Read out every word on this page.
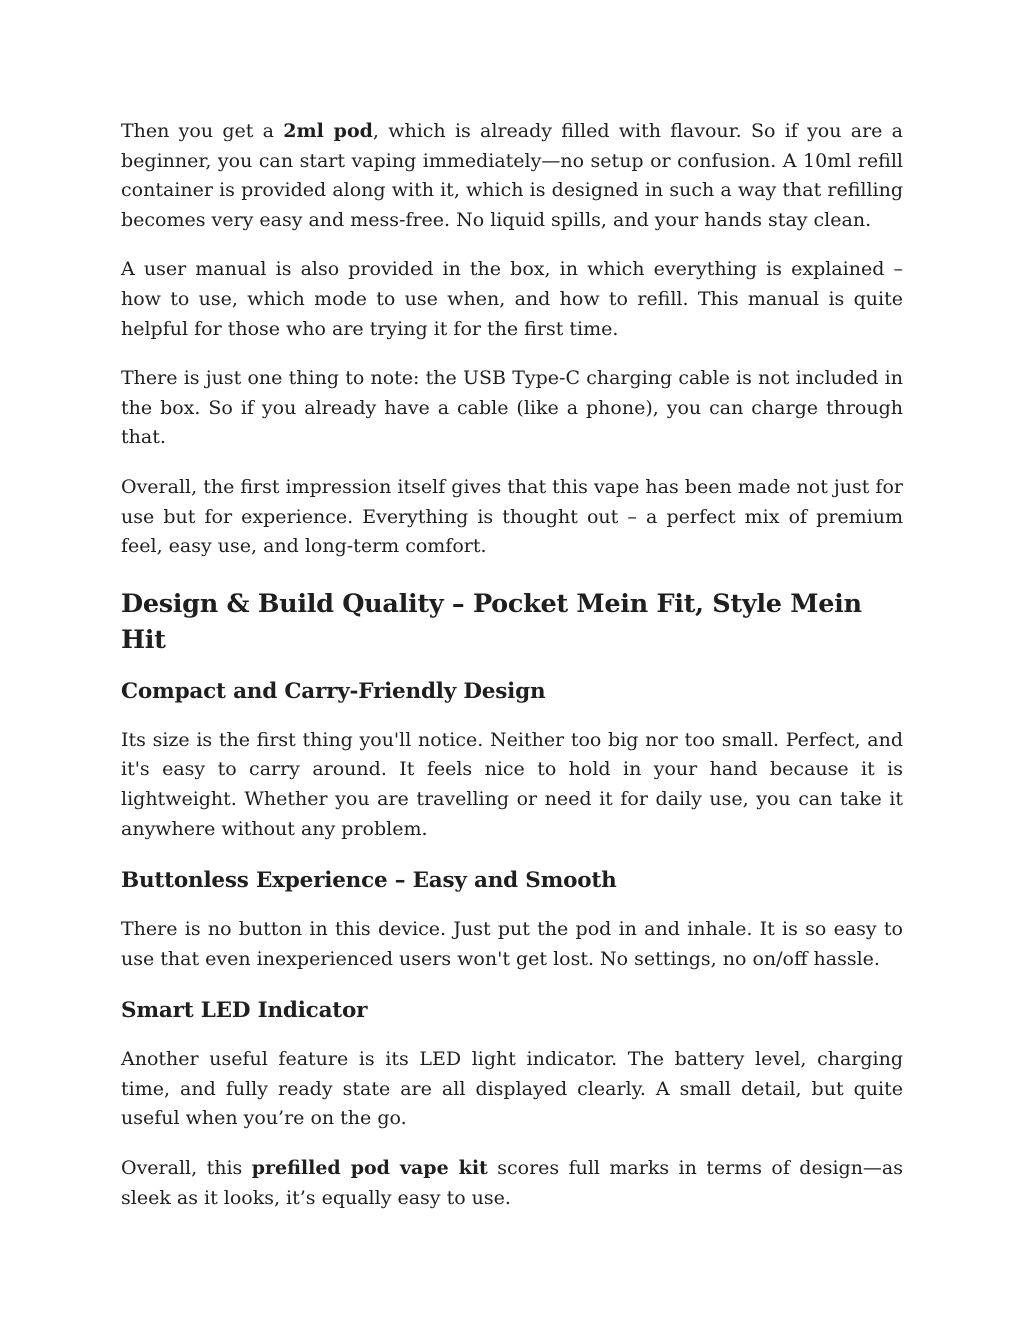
Then you get a 2ml pod, which is already filled with flavour. So if you are a beginner, you can start vaping immediately—no setup or confusion. A 10ml refill container is provided along with it, which is designed in such a way that refilling becomes very easy and mess-free. No liquid spills, and your hands stay clean.

A user manual is also provided in the box, in which everything is explained – how to use, which mode to use when, and how to refill. This manual is quite helpful for those who are trying it for the first time.

There is just one thing to note: the USB Type-C charging cable is not included in the box. So if you already have a cable (like a phone), you can charge through that.

Overall, the first impression itself gives that this vape has been made not just for use but for experience. Everything is thought out – a perfect mix of premium feel, easy use, and long-term comfort.

Design & Build Quality – Pocket Mein Fit, Style Mein Hit
Compact and Carry-Friendly Design

Its size is the first thing you'll notice. Neither too big nor too small. Perfect, and it's easy to carry around. It feels nice to hold in your hand because it is lightweight. Whether you are travelling or need it for daily use, you can take it anywhere without any problem.

Buttonless Experience – Easy and Smooth

There is no button in this device. Just put the pod in and inhale. It is so easy to use that even inexperienced users won't get lost. No settings, no on/off hassle.

Smart LED Indicator

Another useful feature is its LED light indicator. The battery level, charging time, and fully ready state are all displayed clearly. A small detail, but quite useful when you’re on the go.

Overall, this prefilled pod vape kit scores full marks in terms of design—as sleek as it looks, it’s equally easy to use.
